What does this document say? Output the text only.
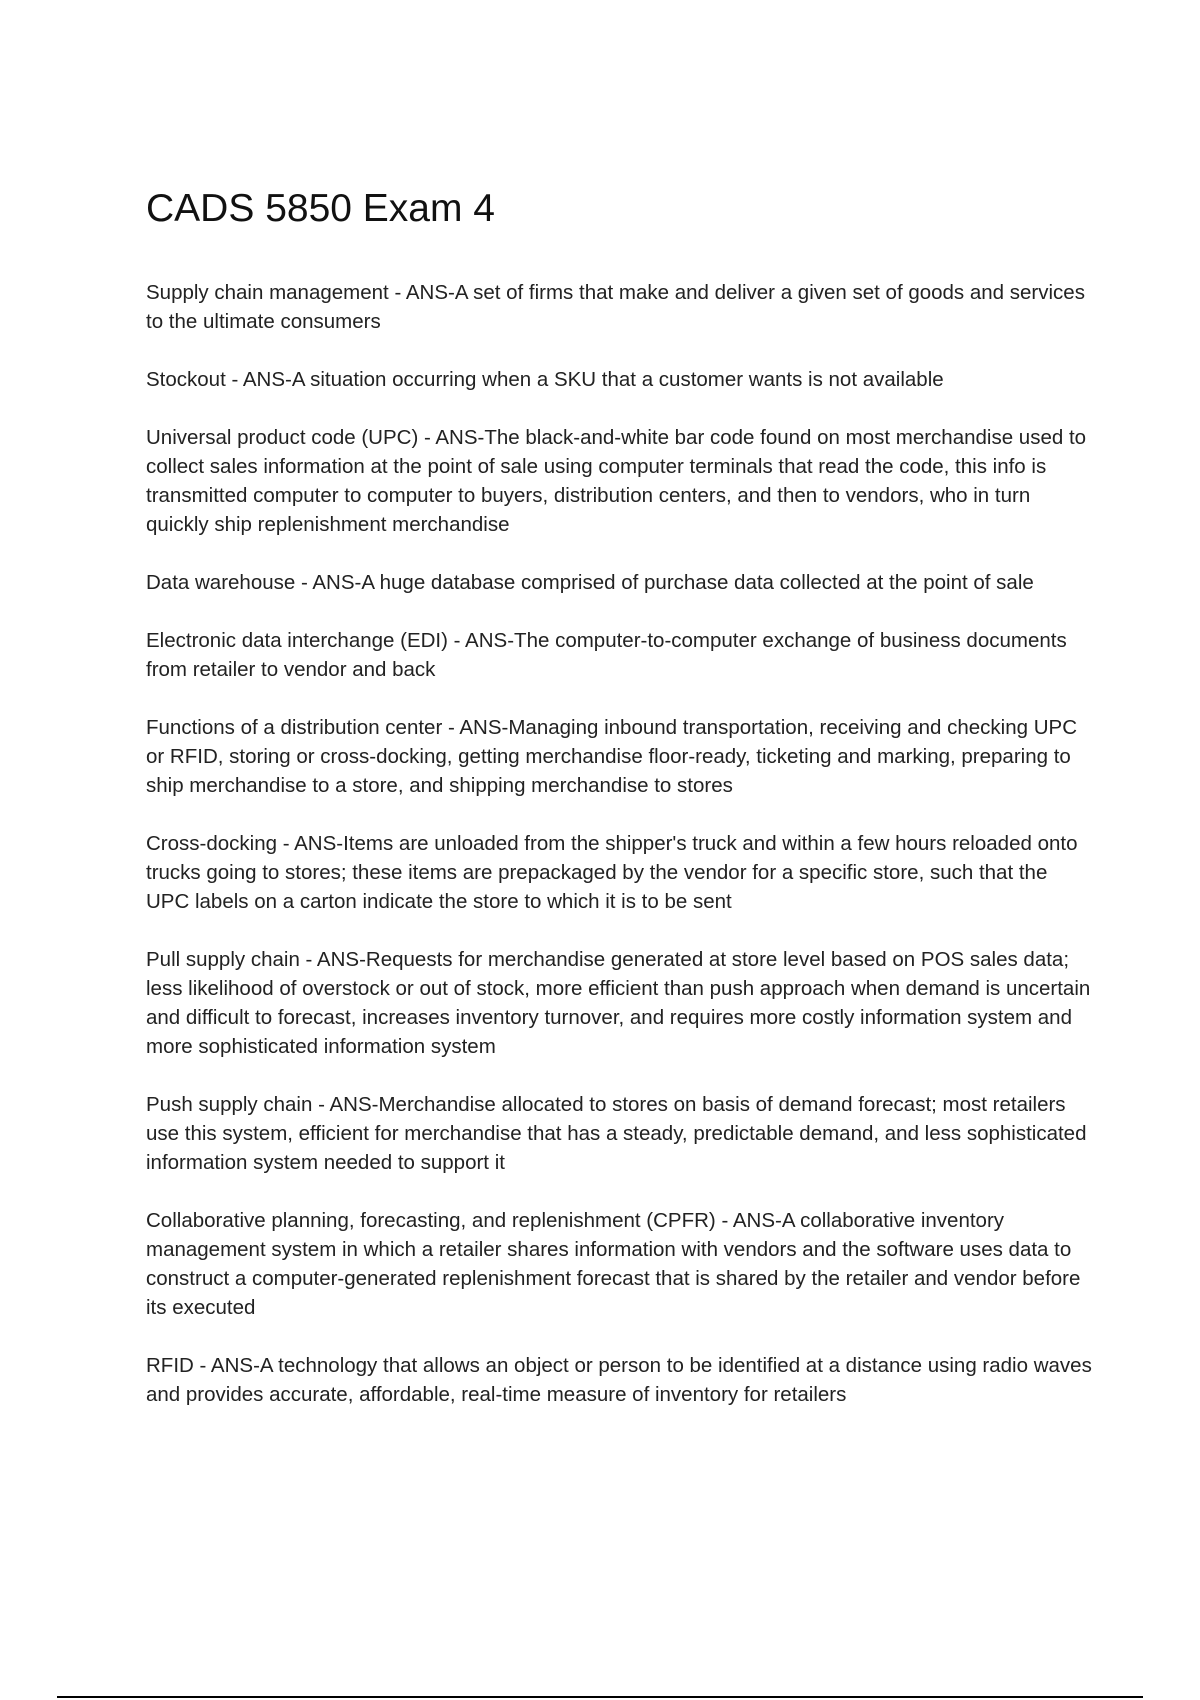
CADS 5850 Exam 4

Supply chain management - ANS-A set of firms that make and deliver a given set of goods and services to the ultimate consumers

Stockout - ANS-A situation occurring when a SKU that a customer wants is not available

Universal product code (UPC) - ANS-The black-and-white bar code found on most merchandise used to collect sales information at the point of sale using computer terminals that read the code, this info is transmitted computer to computer to buyers, distribution centers, and then to vendors, who in turn quickly ship replenishment merchandise

Data warehouse - ANS-A huge database comprised of purchase data collected at the point of sale

Electronic data interchange (EDI) - ANS-The computer-to-computer exchange of business documents from retailer to vendor and back

Functions of a distribution center - ANS-Managing inbound transportation, receiving and checking UPC or RFID, storing or cross-docking, getting merchandise floor-ready, ticketing and marking, preparing to ship merchandise to a store, and shipping merchandise to stores

Cross-docking - ANS-Items are unloaded from the shipper's truck and within a few hours reloaded onto trucks going to stores; these items are prepackaged by the vendor for a specific store, such that the UPC labels on a carton indicate the store to which it is to be sent

Pull supply chain - ANS-Requests for merchandise generated at store level based on POS sales data; less likelihood of overstock or out of stock, more efficient than push approach when demand is uncertain and difficult to forecast, increases inventory turnover, and requires more costly information system and more sophisticated information system

Push supply chain - ANS-Merchandise allocated to stores on basis of demand forecast; most retailers use this system, efficient for merchandise that has a steady, predictable demand, and less sophisticated information system needed to support it

Collaborative planning, forecasting, and replenishment (CPFR) - ANS-A collaborative inventory management system in which a retailer shares information with vendors and the software uses data to construct a computer-generated replenishment forecast that is shared by the retailer and vendor before its executed

RFID - ANS-A technology that allows an object or person to be identified at a distance using radio waves and provides accurate, affordable, real-time measure of inventory for retailers
